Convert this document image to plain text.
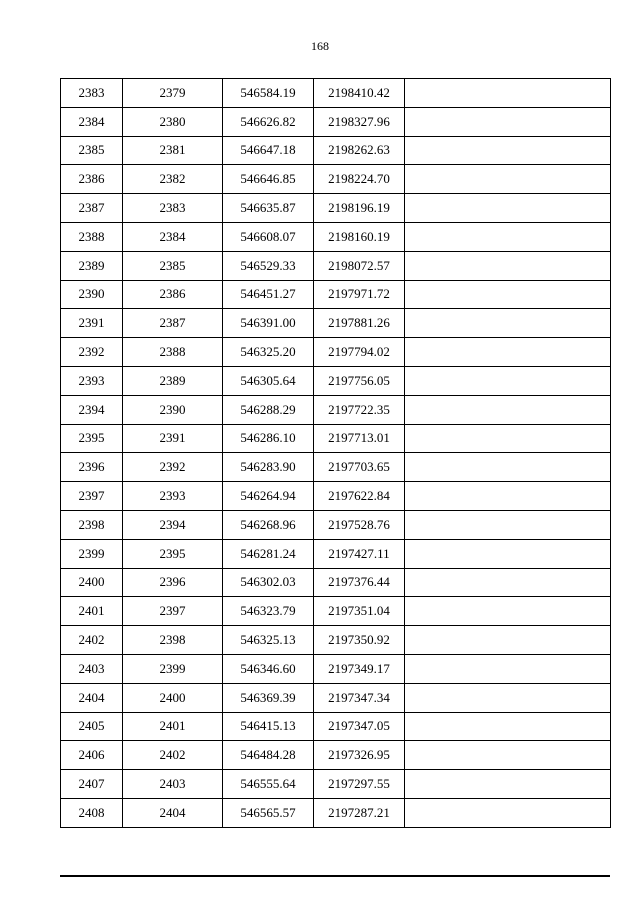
168
2383	2379	546584.19	2198410.42	
2384	2380	546626.82	2198327.96	
2385	2381	546647.18	2198262.63	
2386	2382	546646.85	2198224.70	
2387	2383	546635.87	2198196.19	
2388	2384	546608.07	2198160.19	
2389	2385	546529.33	2198072.57	
2390	2386	546451.27	2197971.72	
2391	2387	546391.00	2197881.26	
2392	2388	546325.20	2197794.02	
2393	2389	546305.64	2197756.05	
2394	2390	546288.29	2197722.35	
2395	2391	546286.10	2197713.01	
2396	2392	546283.90	2197703.65	
2397	2393	546264.94	2197622.84	
2398	2394	546268.96	2197528.76	
2399	2395	546281.24	2197427.11	
2400	2396	546302.03	2197376.44	
2401	2397	546323.79	2197351.04	
2402	2398	546325.13	2197350.92	
2403	2399	546346.60	2197349.17	
2404	2400	546369.39	2197347.34	
2405	2401	546415.13	2197347.05	
2406	2402	546484.28	2197326.95	
2407	2403	546555.64	2197297.55	
2408	2404	546565.57	2197287.21	
